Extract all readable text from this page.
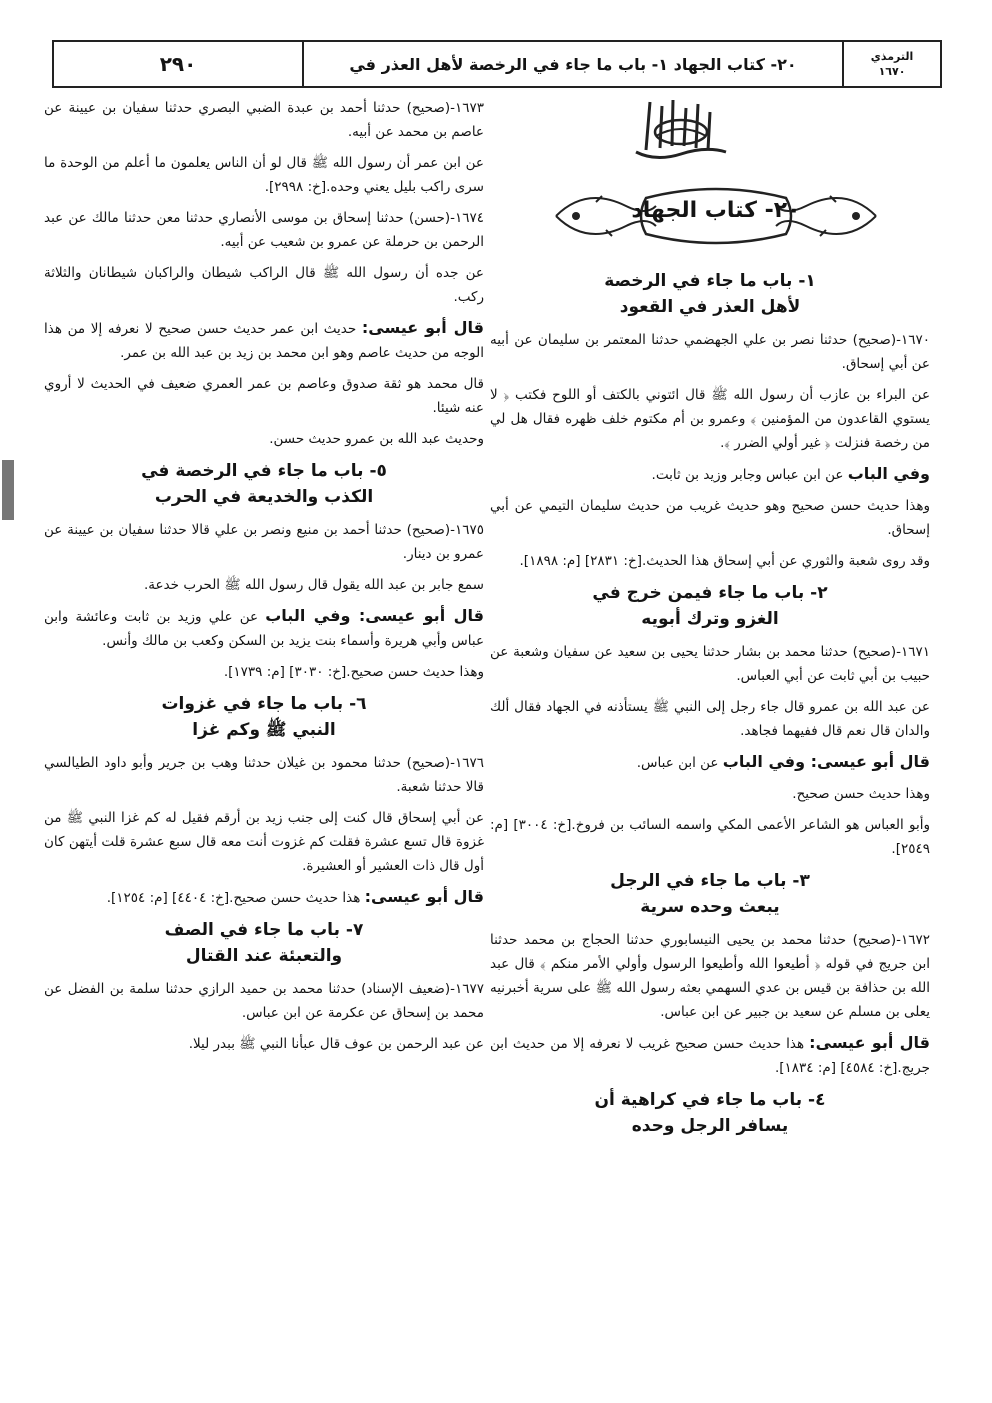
الترمذي
١٦٧٠
٢٠- كتاب الجهاد ١- باب ما جاء في الرخصة لأهل العذر في
٢٩٠
٢٠- كتاب الجهاد
١- باب ما جاء في الرخصة
لأهل العذر في القعود

١٦٧٠-(صحيح) حدثنا نصر بن علي الجهضمي حدثنا المعتمر بن سليمان عن أبيه عن أبي إسحاق.

عن البراء بن عازب أن رسول الله ﷺ قال ائتوني بالكتف أو اللوح فكتب ﴿ لا يستوي القاعدون من المؤمنين ﴾ وعمرو بن أم مكتوم خلف ظهره فقال هل لي من رخصة فنزلت ﴿ غير أولي الضرر ﴾.

وفي الباب عن ابن عباس وجابر وزيد بن ثابت.

وهذا حديث حسن صحيح وهو حديث غريب من حديث سليمان التيمي عن أبي إسحاق.

وقد روى شعبة والثوري عن أبي إسحاق هذا الحديث.[خ: ٢٨٣١] [م: ١٨٩٨].

٢- باب ما جاء فيمن خرج في
الغزو وترك أبويه

١٦٧١-(صحيح) حدثنا محمد بن بشار حدثنا يحيى بن سعيد عن سفيان وشعبة عن حبيب بن أبي ثابت عن أبي العباس.

عن عبد الله بن عمرو قال جاء رجل إلى النبي ﷺ يستأذنه في الجهاد فقال ألك والدان قال نعم قال ففيهما فجاهد.

قال أبو عيسى: وفي الباب عن ابن عباس.

وهذا حديث حسن صحيح.

وأبو العباس هو الشاعر الأعمى المكي واسمه السائب بن فروخ.[خ: ٣٠٠٤] [م: ٢٥٤٩].

٣- باب ما جاء في الرجل
يبعث وحده سرية

١٦٧٢-(صحيح) حدثنا محمد بن يحيى النيسابوري حدثنا الحجاج بن محمد حدثنا ابن جريج في قوله ﴿ أطيعوا الله وأطيعوا الرسول وأولي الأمر منكم ﴾ قال عبد الله بن حذافة بن قيس بن عدي السهمي بعثه رسول الله ﷺ على سرية أخبرنيه يعلى بن مسلم عن سعيد بن جبير عن ابن عباس.

قال أبو عيسى: هذا حديث حسن صحيح غريب لا نعرفه إلا من حديث ابن جريج.[خ: ٤٥٨٤] [م: ١٨٣٤].

٤- باب ما جاء في كراهية أن
يسافر الرجل وحده

١٦٧٣-(صحيح) حدثنا أحمد بن عبدة الضبي البصري حدثنا سفيان بن عيينة عن عاصم بن محمد عن أبيه.

عن ابن عمر أن رسول الله ﷺ قال لو أن الناس يعلمون ما أعلم من الوحدة ما سرى راكب بليل يعني وحده.[خ: ٢٩٩٨].

١٦٧٤-(حسن) حدثنا إسحاق بن موسى الأنصاري حدثنا معن حدثنا مالك عن عبد الرحمن بن حرملة عن عمرو بن شعيب عن أبيه.

عن جده أن رسول الله ﷺ قال الراكب شيطان والراكبان شيطانان والثلاثة ركب.

قال أبو عيسى: حديث ابن عمر حديث حسن صحيح لا نعرفه إلا من هذا الوجه من حديث عاصم وهو ابن محمد بن زيد بن عبد الله بن عمر.

قال محمد هو ثقة صدوق وعاصم بن عمر العمري ضعيف في الحديث لا أروي عنه شيئا.

وحديث عبد الله بن عمرو حديث حسن.

٥- باب ما جاء في الرخصة في
الكذب والخديعة في الحرب

١٦٧٥-(صحيح) حدثنا أحمد بن منيع ونصر بن علي قالا حدثنا سفيان بن عيينة عن عمرو بن دينار.

سمع جابر بن عبد الله يقول قال رسول الله ﷺ الحرب خدعة.

قال أبو عيسى: وفي الباب عن علي وزيد بن ثابت وعائشة وابن عباس وأبي هريرة وأسماء بنت يزيد بن السكن وكعب بن مالك وأنس.

وهذا حديث حسن صحيح.[خ: ٣٠٣٠] [م: ١٧٣٩].

٦- باب ما جاء في غزوات
النبي ﷺ وكم غزا

١٦٧٦-(صحيح) حدثنا محمود بن غيلان حدثنا وهب بن جرير وأبو داود الطيالسي قالا حدثنا شعبة.

عن أبي إسحاق قال كنت إلى جنب زيد بن أرقم فقيل له كم غزا النبي ﷺ من غزوة قال تسع عشرة فقلت كم غزوت أنت معه قال سبع عشرة قلت أيتهن كان أول قال ذات العشير أو العشيرة.

قال أبو عيسى: هذا حديث حسن صحيح.[خ: ٤٤٠٤] [م: ١٢٥٤].

٧- باب ما جاء في الصف
والتعبئة عند القتال

١٦٧٧-(ضعيف الإسناد) حدثنا محمد بن حميد الرازي حدثنا سلمة بن الفضل عن محمد بن إسحاق عن عكرمة عن ابن عباس.

عن عبد الرحمن بن عوف قال عبأنا النبي ﷺ ببدر ليلا.
